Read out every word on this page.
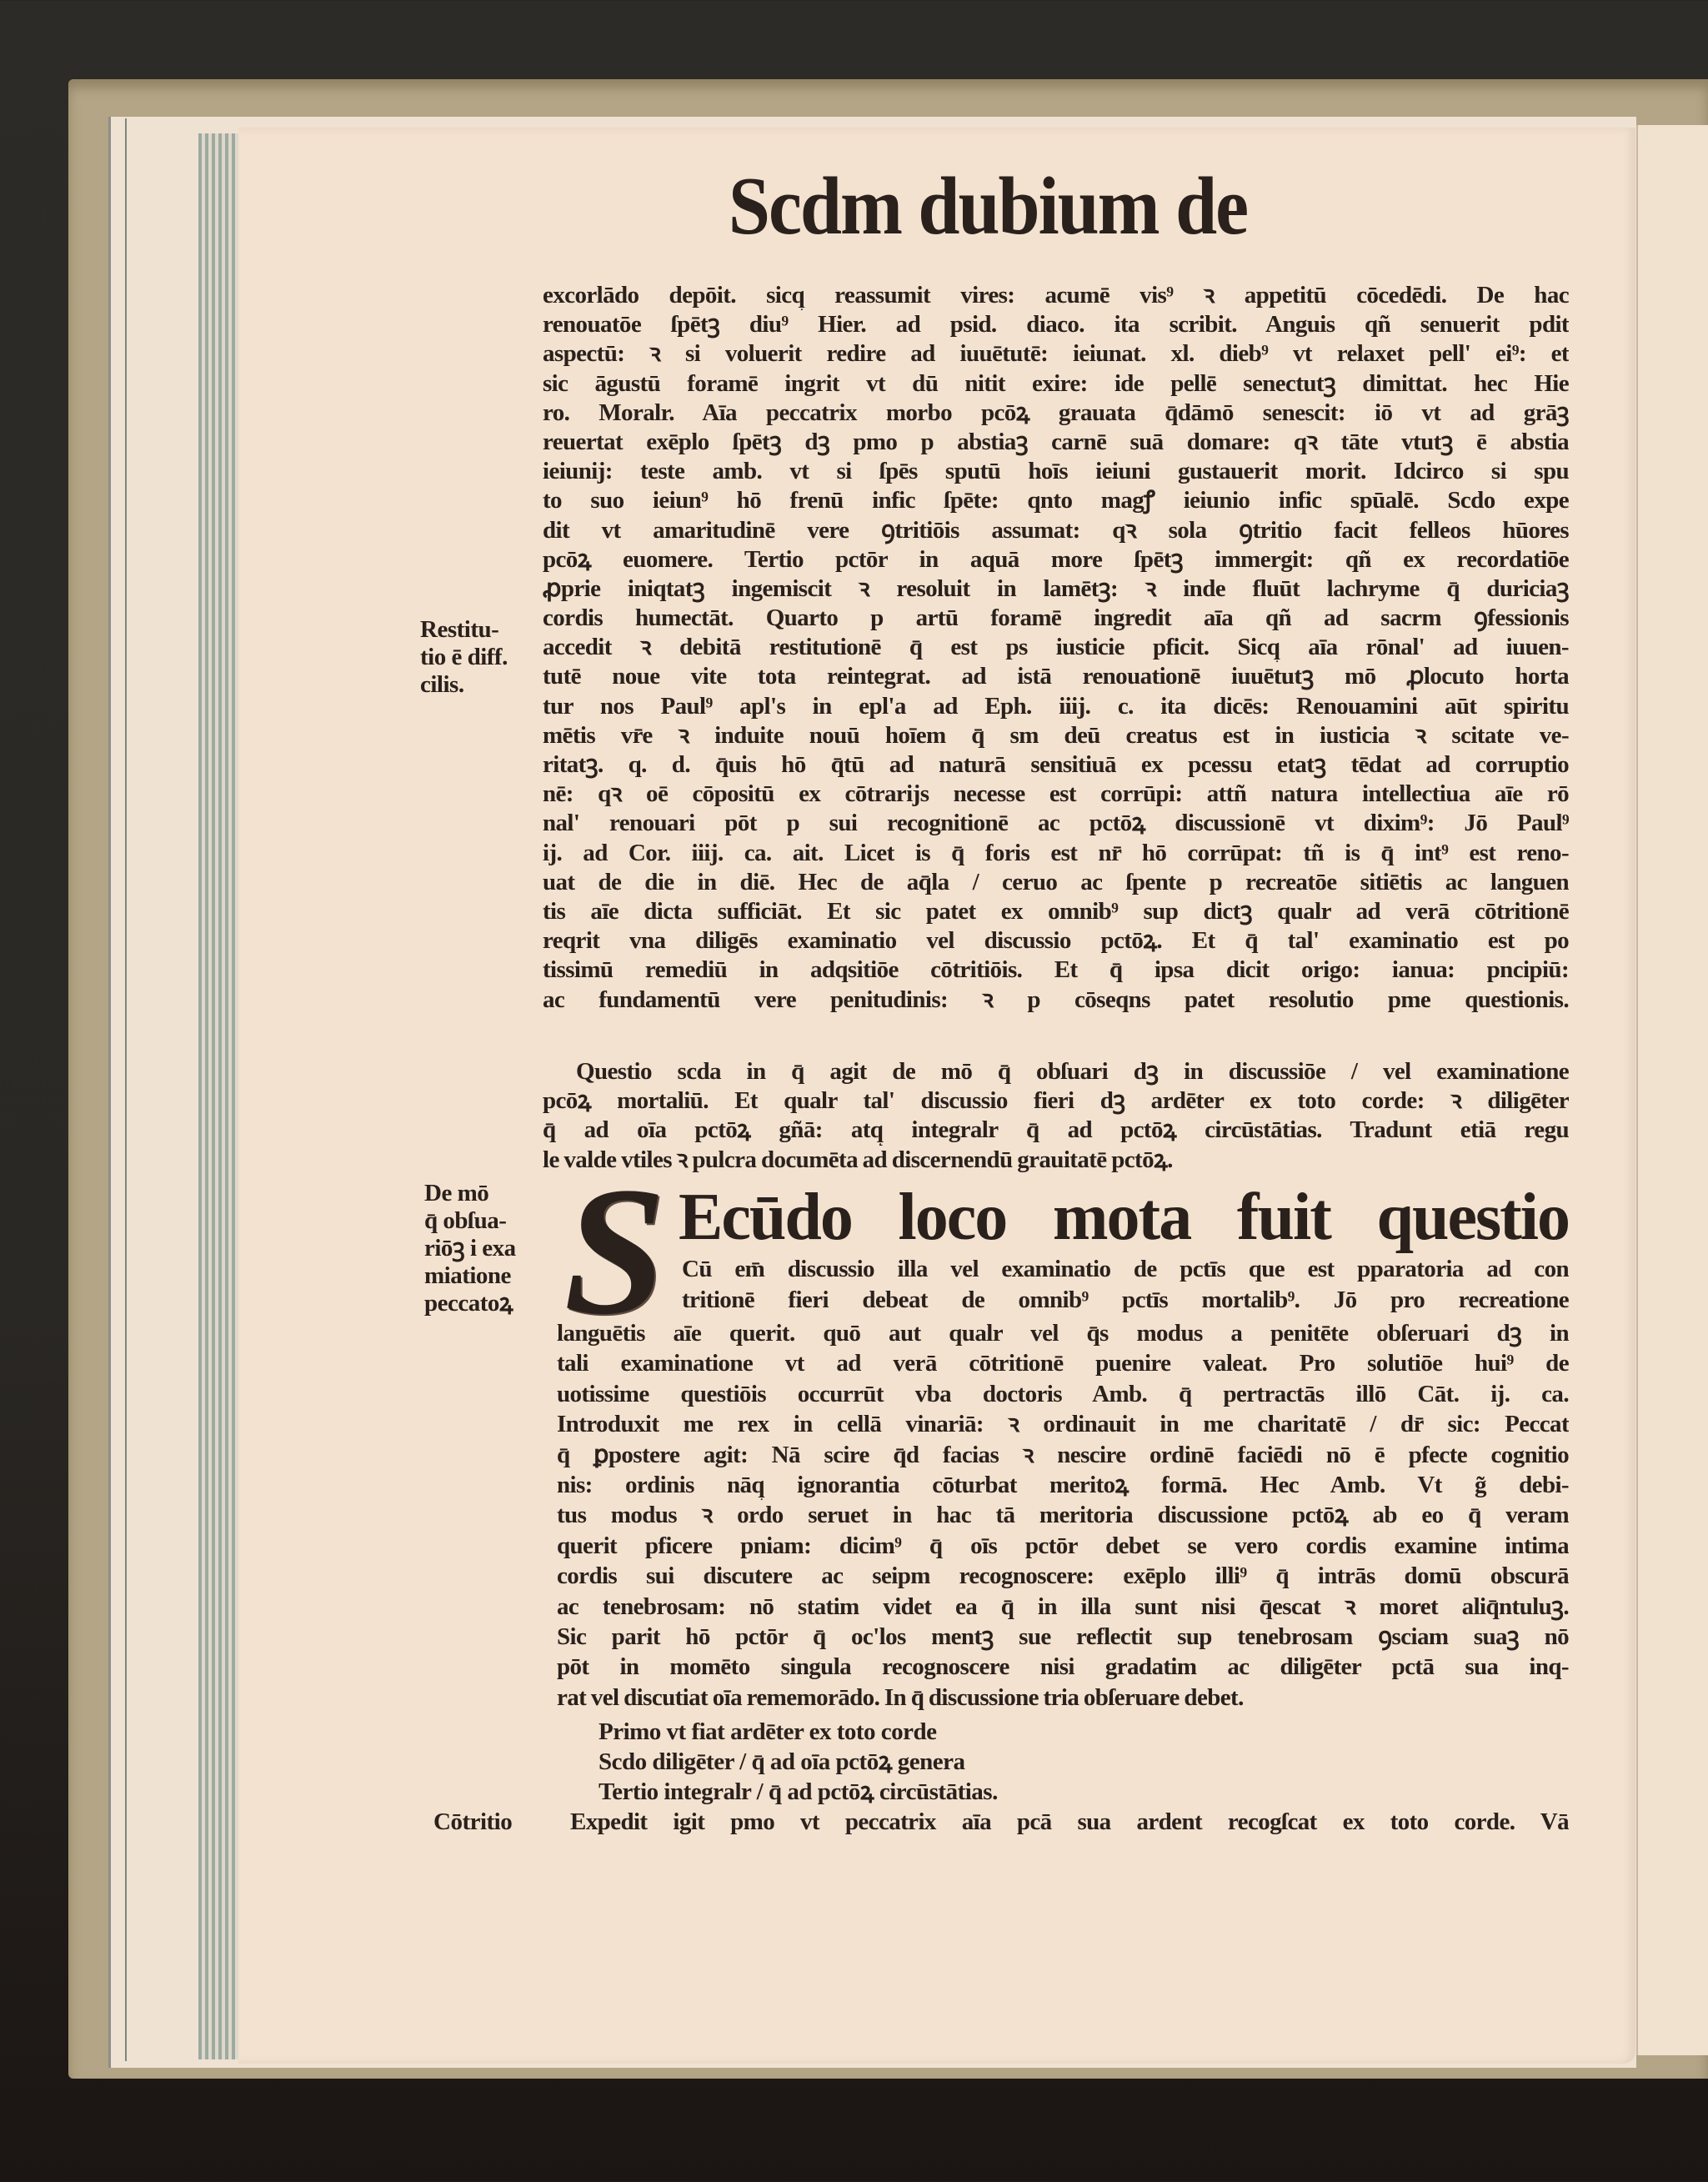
Scdm dubium de
excorlādo depōit. sicq̧ reassumit vires: acumē vis⁹ ꝛ appetitū cōcedēdi. De hac
renouatōe ſpētꝫ diu⁹ Hier. ad psid. diaco. ita scribit. Anguis qñ senuerit pdit
aspectū: ꝛ si voluerit redire ad iuuētutē: ieiunat. xl. dieb⁹ vt relaxet pell' ei⁹: et
sic āgustū foramē ingrit vt dū nitit exire: ide pellē senectutꝫ dimittat. hec Hie
ro. Moralr. Aīa peccatrix morbo pcōꝝ grauata q̄dāmō senescit: iō vt ad grāꝫ
reuertat exēplo ſpētꝫ dꝫ pmo p abstiaꝫ carnē suā domare: qꝛ tāte vtutꝫ ē abstia
ieiunij: teste amb. vt si ſpēs sputū hoīs ieiuni gustauerit morit. Idcirco si spu
to suo ieiun⁹ hō frenū infic ſpēte: qnto magꝭ ieiunio infic spūalē. Scdo expe
dit vt amaritudinē vere ꝯtritiōis assumat: qꝛ sola ꝯtritio facit felleos hūores
pcōꝝ euomere. Tertio pctōr in aquā more ſpētꝫ immergit: qñ ex recordatiōe
ꝓprie iniqtatꝫ ingemiscit ꝛ resoluit in lamētꝫ: ꝛ inde fluūt lachryme q̄ duriciaꝫ
cordis humectāt. Quarto p artū foramē ingredit aīa qñ ad sacrm ꝯfessionis
accedit ꝛ debitā restitutionē q̄ est ps iusticie pficit. Sicq̧ aīa rōnal' ad iuuen-
tutē noue vite tota reintegrat. ad istā renouationē iuuētutꝫ mō ꝓlocuto horta
tur nos Paul⁹ apl's in epl'a ad Eph. iiij. c. ita dicēs: Renouamini aūt spiritu
mētis vr̄e ꝛ induite nouū hoīem q̄ sm deū creatus est in iusticia ꝛ scitate ve-
ritatꝫ. q. d. q̄uis hō q̄tū ad naturā sensitiuā ex pcessu etatꝫ tēdat ad corruptio
nē: qꝛ oē cōpositū ex cōtrarijs necesse est corrūpi: attñ natura intellectiua aīe rō
nal' renouari pōt p sui recognitionē ac pctōꝝ discussionē vt dixim⁹: Jō Paul⁹
ij. ad Cor. iiij. ca. ait. Licet is q̄ foris est nr̄ hō corrūpat: tñ is q̄ int⁹ est reno-
uat de die in diē. Hec de aq̄la / ceruo ac ſpente p recreatōe sitiētis ac languen
tis aīe dicta sufficiāt. Et sic patet ex omnib⁹ sup dictꝫ qualr ad verā cōtritionē
reqrit vna diligēs examinatio vel discussio pctōꝝ. Et q̄ tal' examinatio est po
tissimū remediū in adqsitiōe cōtritiōis. Et q̄ ipsa dicit origo: ianua: pncipiū:
ac fundamentū vere penitudinis: ꝛ p cōseqns patet resolutio pme questionis.
Restitu-
tio ē diff.
cilis.
Questio scda in q̄ agit de mō q̄ obſuari dꝫ in discussiōe / vel examinatione
pcōꝝ mortaliū. Et qualr tal' discussio fieri dꝫ ardēter ex toto corde: ꝛ diligēter
q̄ ad oīa pctōꝝ gñā: atq̧ integralr q̄ ad pctōꝝ circūstātias. Tradunt etiā regu
le valde vtiles ꝛ pulcra documēta ad discernendū grauitatē pctōꝝ.
S Ecūdo loco mota fuit questio
De mō
q̄ obſua-
riōꝫ i exa
miatione
peccatoꝝ
Cū em̄ discussio illa vel examinatio de pctīs que est pparatoria ad con
tritionē fieri debeat de omnib⁹ pctīs mortalib⁹. Jō pro recreatione
languētis aīe querit. quō aut qualr vel q̄s modus a penitēte obſeruari dꝫ in
tali examinatione vt ad verā cōtritionē puenire valeat. Pro solutiōe hui⁹ de
uotissime questiōis occurrūt vba doctoris Amb. q̄ pertractās illō Cāt. ij. ca.
Introduxit me rex in cellā vinariā: ꝛ ordinauit in me charitatē / dr̄ sic: Peccat
q̄ ꝑpostere agit: Nā scire q̄d facias ꝛ nescire ordinē faciēdi nō ē pfecte cognitio
nis: ordinis nāq̧ ignorantia cōturbat meritoꝝ formā. Hec Amb. Vt g̃ debi-
tus modus ꝛ ordo seruet in hac tā meritoria discussione pctōꝝ ab eo q̄ veram
querit pficere pniam: dicim⁹ q̄ oīs pctōr debet se vero cordis examine intima
cordis sui discutere ac seipm recognoscere: exēplo illi⁹ q̄ intrās domū obscurā
ac tenebrosam: nō statim videt ea q̄ in illa sunt nisi q̄escat ꝛ moret aliq̄ntuluꝫ.
Sic parit hō pctōr q̄ oc'los mentꝫ sue reflectit sup tenebrosam ꝯsciam suaꝫ nō
pōt in momēto singula recognoscere nisi gradatim ac diligēter pctā sua inq-
rat vel discutiat oīa rememorādo. In q̄ discussione tria obſeruare debet.
Primo vt fiat ardēter ex toto corde
Scdo diligēter / q̄ ad oīa pctōꝝ genera
Tertio integralr / q̄ ad pctōꝝ circūstātias.
Cōtritio Expedit igit pmo vt peccatrix aīa pcā sua ardent recogſcat ex toto corde. Vā
